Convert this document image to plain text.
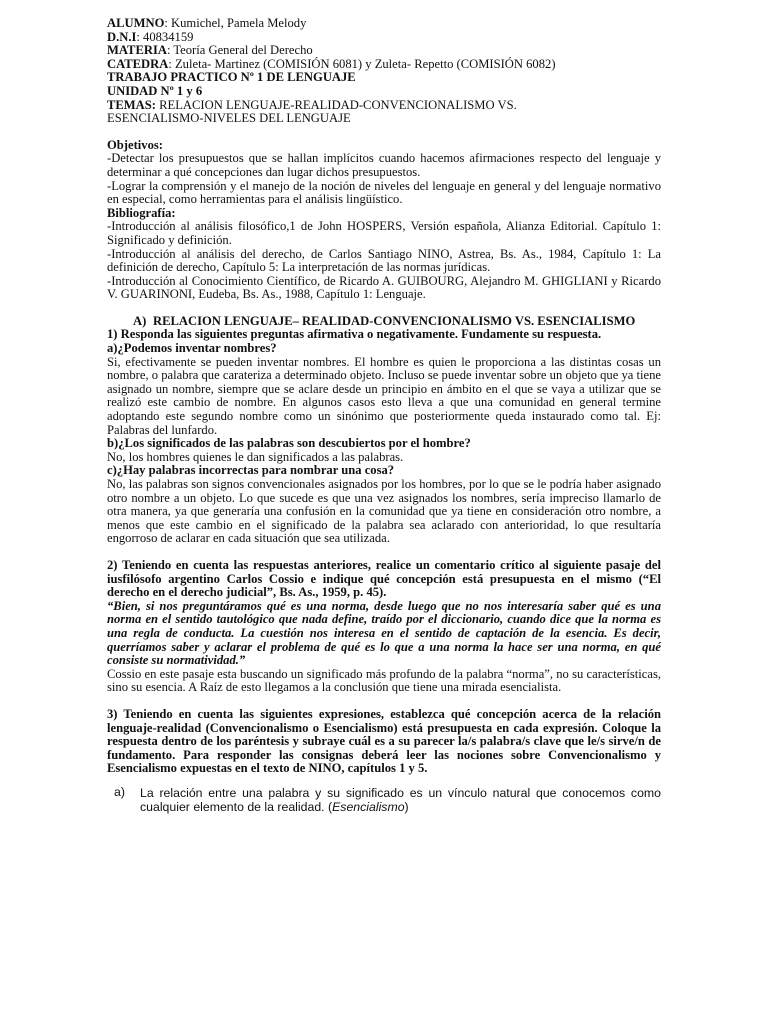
ALUMNO: Kumichel, Pamela Melody

D.N.I: 40834159

MATERIA: Teoría General del Derecho

CATEDRA: Zuleta- Martinez (COMISIÓN 6081) y Zuleta- Repetto (COMISIÓN 6082)

TRABAJO PRACTICO Nº 1 DE LENGUAJE

UNIDAD Nº 1 y 6

TEMAS: RELACION LENGUAJE-REALIDAD-CONVENCIONALISMO VS.

ESENCIALISMO-NIVELES DEL LENGUAJE

Objetivos:

-Detectar los presupuestos que se hallan implícitos cuando hacemos afirmaciones respecto del lenguaje y determinar a qué concepciones dan lugar dichos presupuestos.

-Lograr la comprensión y el manejo de la noción de niveles del lenguaje en general y del lenguaje normativo en especial, como herramientas para el análisis lingüístico.

Bibliografía:

-Introducción al análisis filosófico,1 de John HOSPERS, Versión española, Alianza Editorial. Capítulo 1: Significado y definición.

-Introducción al análisis del derecho, de Carlos Santiago NINO, Astrea, Bs. As., 1984, Capítulo 1: La definición de derecho, Capítulo 5: La interpretación de las normas jurídicas.

-Introducción al Conocimiento Científico, de Ricardo A. GUIBOURG, Alejandro M. GHIGLIANI y Ricardo V. GUARINONI, Eudeba, Bs. As., 1988, Capítulo 1: Lenguaje.

A) RELACION LENGUAJE– REALIDAD-CONVENCIONALISMO VS. ESENCIALISMO

1) Responda las siguientes preguntas afirmativa o negativamente. Fundamente su respuesta.

a)¿Podemos inventar nombres?

Si, efectivamente se pueden inventar nombres. El hombre es quien le proporciona a las distintas cosas un nombre, o palabra que carateriza a determinado objeto. Incluso se puede inventar sobre un objeto que ya tiene asignado un nombre, siempre que se aclare desde un principio en ámbito en el que se vaya a utilizar que se realizó este cambio de nombre. En algunos casos esto lleva a que una comunidad en general termine adoptando este segundo nombre como un sinónimo que posteriormente queda instaurado como tal. Ej: Palabras del lunfardo.

b)¿Los significados de las palabras son descubiertos por el hombre?

No, los hombres quienes le dan significados a las palabras.

c)¿Hay palabras incorrectas para nombrar una cosa?

No, las palabras son signos convencionales asignados por los hombres, por lo que se le podría haber asignado otro nombre a un objeto. Lo que sucede es que una vez asignados los nombres, sería impreciso llamarlo de otra manera, ya que generaría una confusión en la comunidad que ya tiene en consideración otro nombre, a menos que este cambio en el significado de la palabra sea aclarado con anterioridad, lo que resultaría engorroso de aclarar en cada situación que sea utilizada.

2) Teniendo en cuenta las respuestas anteriores, realice un comentario crítico al siguiente pasaje del iusfilósofo argentino Carlos Cossio e indique qué concepción está presupuesta en el mismo (“El derecho en el derecho judicial”, Bs. As., 1959, p. 45).

“Bien, si nos preguntáramos qué es una norma, desde luego que no nos interesaría saber qué es una norma en el sentido tautológico que nada define, traído por el diccionario, cuando dice que la norma es una regla de conducta. La cuestión nos interesa en el sentido de captación de la esencia. Es decir, querríamos saber y aclarar el problema de qué es lo que a una norma la hace ser una norma, en qué consiste su normatividad.”

Cossio en este pasaje esta buscando un significado más profundo de la palabra “norma”, no su características, sino su esencia. A Raíz de esto llegamos a la conclusión que tiene una mirada esencialista.

3) Teniendo en cuenta las siguientes expresiones, establezca qué concepción acerca de la relación lenguaje-realidad (Convencionalismo o Esencialismo) está presupuesta en cada expresión. Coloque la respuesta dentro de los paréntesis y subraye cuál es a su parecer la/s palabra/s clave que le/s sirve/n de fundamento. Para responder las consignas deberá leer las nociones sobre Convencionalismo y Esencialismo expuestas en el texto de NINO, capítulos 1 y 5.

a)	La relación entre una palabra y su significado es un vínculo natural que conocemos como cualquier elemento de la realidad. (Esencialismo)
